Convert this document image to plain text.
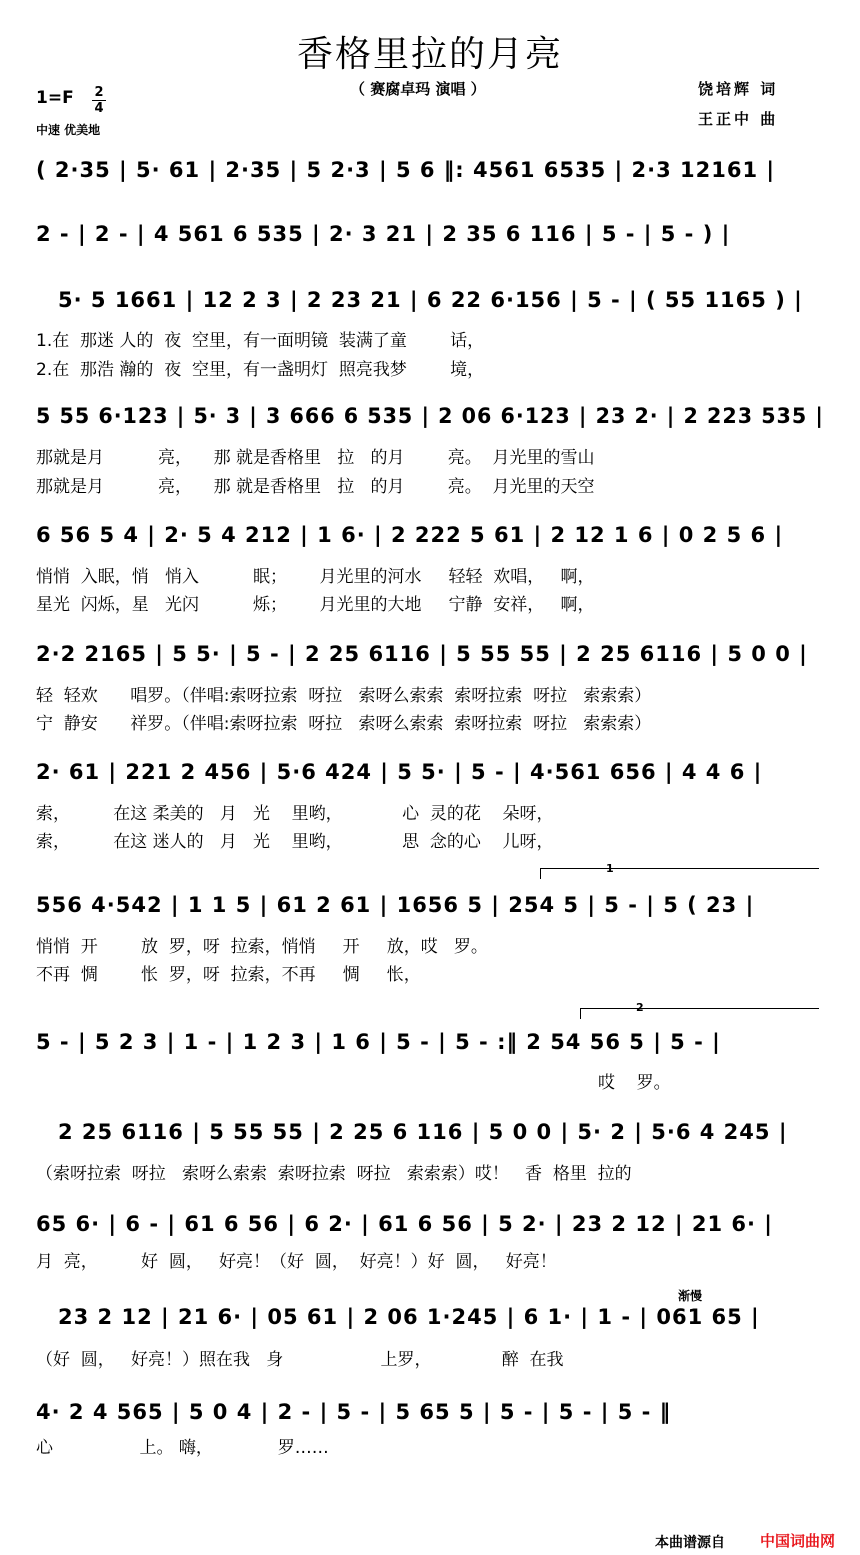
香格里拉的月亮
（ 赛腐卓玛 演唱 ）	饶培辉 词
王正中 曲
1=F 2
4
中速 优美地
( 2·35 | 5· 61 | 2·35 | 5 2·3 | 5 6 ‖: 4561 6535 | 2·3 12161 |
2 - | 2 - | 4 561 6 535 | 2· 3 21 | 2 35 6 116 | 5 - | 5 - ) |
5· 5 1661 | 12 2 3 | 2 23 21 | 6 22 6·156 | 5 - | ( 55 1165 ) |
1.在  那迷 人的  夜  空里，有一面明镜  装满了童        话，
2.在  那浩 瀚的  夜  空里，有一盏明灯  照亮我梦        境，
5 55 6·123 | 5· 3 | 3 666 6 535 | 2 06 6·123 | 23 2· | 2 223 535 |
那就是月          亮，    那 就是香格里   拉   的月        亮。  月光里的雪山
那就是月          亮，    那 就是香格里   拉   的月        亮。  月光里的天空
6 56 5 4 | 2· 5 4 212 | 1 6· | 2 222 5 61 | 2 12 1 6 | 0 2 5 6 |
悄悄  入眠，悄   悄入          眠；      月光里的河水     轻轻  欢唱，   啊，
星光  闪烁，星   光闪          烁；      月光里的大地     宁静  安祥，   啊，
2·2 2165 | 5 5· | 5 - | 2 25 6116 | 5 55 55 | 2 25 6116 | 5 0 0 |
轻  轻欢      唱罗。（伴唱:索呀拉索  呀拉   索呀么索索  索呀拉索  呀拉   索索索）
宁  静安      祥罗。（伴唱:索呀拉索  呀拉   索呀么索索  索呀拉索  呀拉   索索索）
2· 61 | 221 2 456 | 5·6 424 | 5 5· | 5 - | 4·561 656 | 4 4 6 |
索，        在这 柔美的   月   光    里哟，           心  灵的花    朵呀，
索，        在这 迷人的   月   光    里哟，           思  念的心    儿呀，
1
556 4·542 | 1 1 5 | 61 2 61 | 1656 5 | 254 5 | 5 - | 5 ( 23 |
悄悄  开        放  罗，呀  拉索，悄悄     开     放，哎   罗。
不再  惆        怅  罗，呀  拉索，不再     惆     怅，
2
5 - | 5 2 3 | 1 - | 1 2 3 | 1 6 | 5 - | 5 - :‖ 2 54 56 5 | 5 - |
哎    罗。
2 25 6116 | 5 55 55 | 2 25 6 116 | 5 0 0 | 5· 2 | 5·6 4 245 |
（索呀拉索  呀拉   索呀么索索  索呀拉索  呀拉   索索索）哎！   香  格里  拉的
65 6· | 6 - | 61 6 56 | 6 2· | 61 6 56 | 5 2· | 23 2 12 | 21 6· |
月  亮，        好  圆，   好亮！（好  圆，  好亮！）好  圆，   好亮！
渐慢
23 2 12 | 21 6· | 05 61 | 2 06 1·245 | 6 1· | 1 - | 061 65 |
（好  圆，   好亮！）照在我   身                  上罗，             醉  在我
4· 2 4 565 | 5 0 4 | 2 - | 5 - | 5 65 5 | 5 - | 5 - | 5 - ‖
心                上。 嗨，            罗……
本曲谱源自 中国词曲网
